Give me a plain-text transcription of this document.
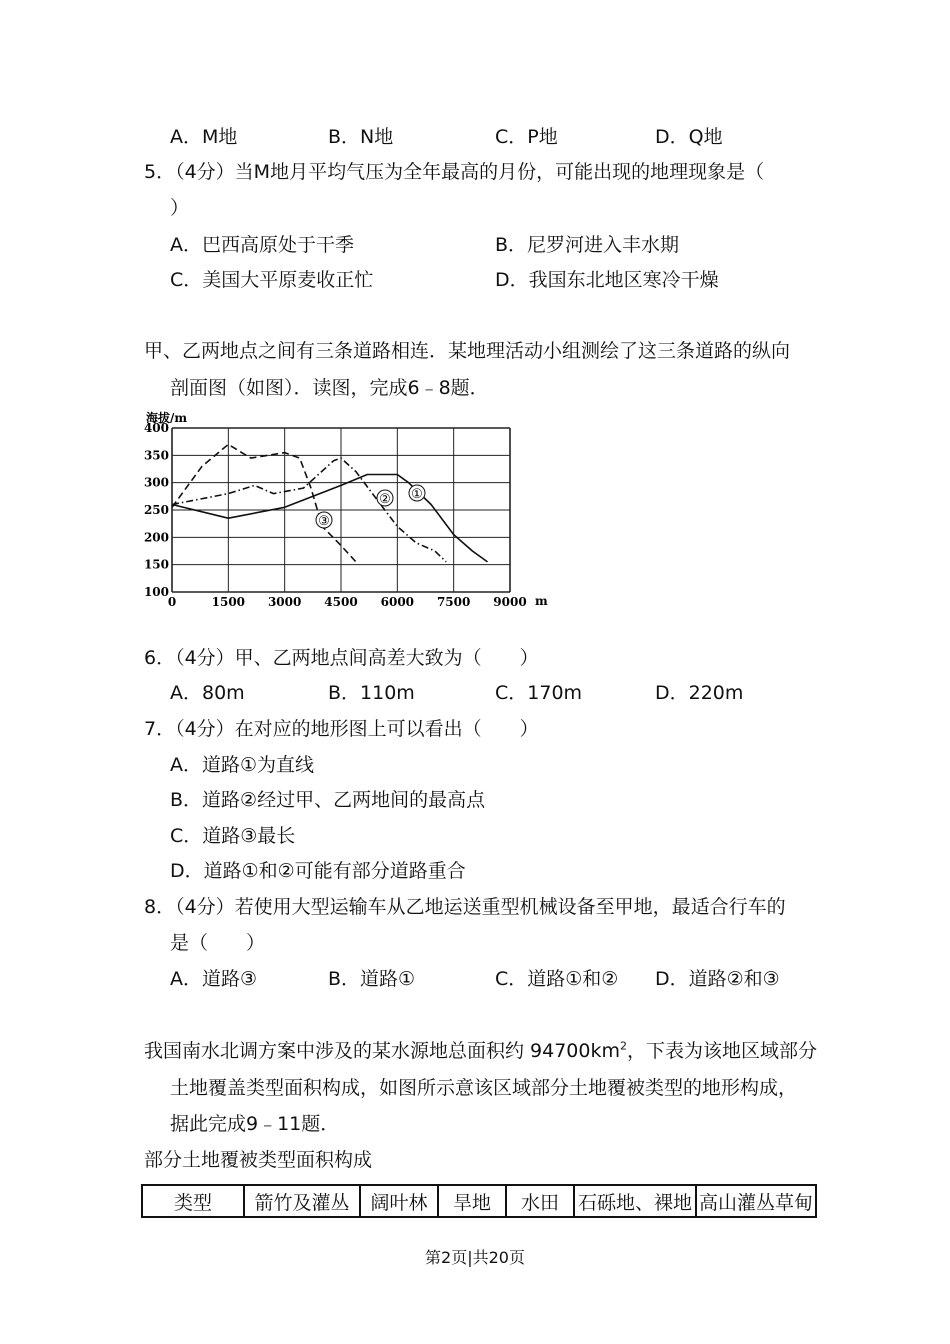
A．M地	B．N地	C．P地	D．Q地
5．（4分）当M地月平均气压为全年最高的月份，可能出现的地理现象是（
）
A．巴西高原处于干季	B．尼罗河进入丰水期
C．美国大平原麦收正忙	D．我国东北地区寒冷干燥
甲、乙两地点之间有三条道路相连．某地理活动小组测绘了这三条道路的纵向
剖面图（如图）．读图，完成6﹣8题．
0	1500 3000 4500 6000 7500 9000
100
150
200
250
300
350
400
海拔/m
m
①
②
③
6．（4分）甲、乙两地点间高差大致为（　　）
A．80m	B．110m	C．170m	D．220m
7．（4分）在对应的地形图上可以看出（　　）
A．道路①为直线
B．道路②经过甲、乙两地间的最高点
C．道路③最长
D．道路①和②可能有部分道路重合
8．（4分）若使用大型运输车从乙地运送重型机械设备至甲地，最适合行车的
是（　　）
A．道路③	B．道路①	C．道路①和② D．道路②和③
我国南水北调方案中涉及的某水源地总面积约 $94700km^2$，下表为该地区域部分
土地覆盖类型面积构成，如图所示意该区域部分土地覆被类型的地形构成，
据此完成9﹣11题．
部分土地覆被类型面积构成
类型	箭竹及灌丛	阔叶林	旱地	水田	石砾地、裸地	高山灌丛草甸
第2页|共20页
